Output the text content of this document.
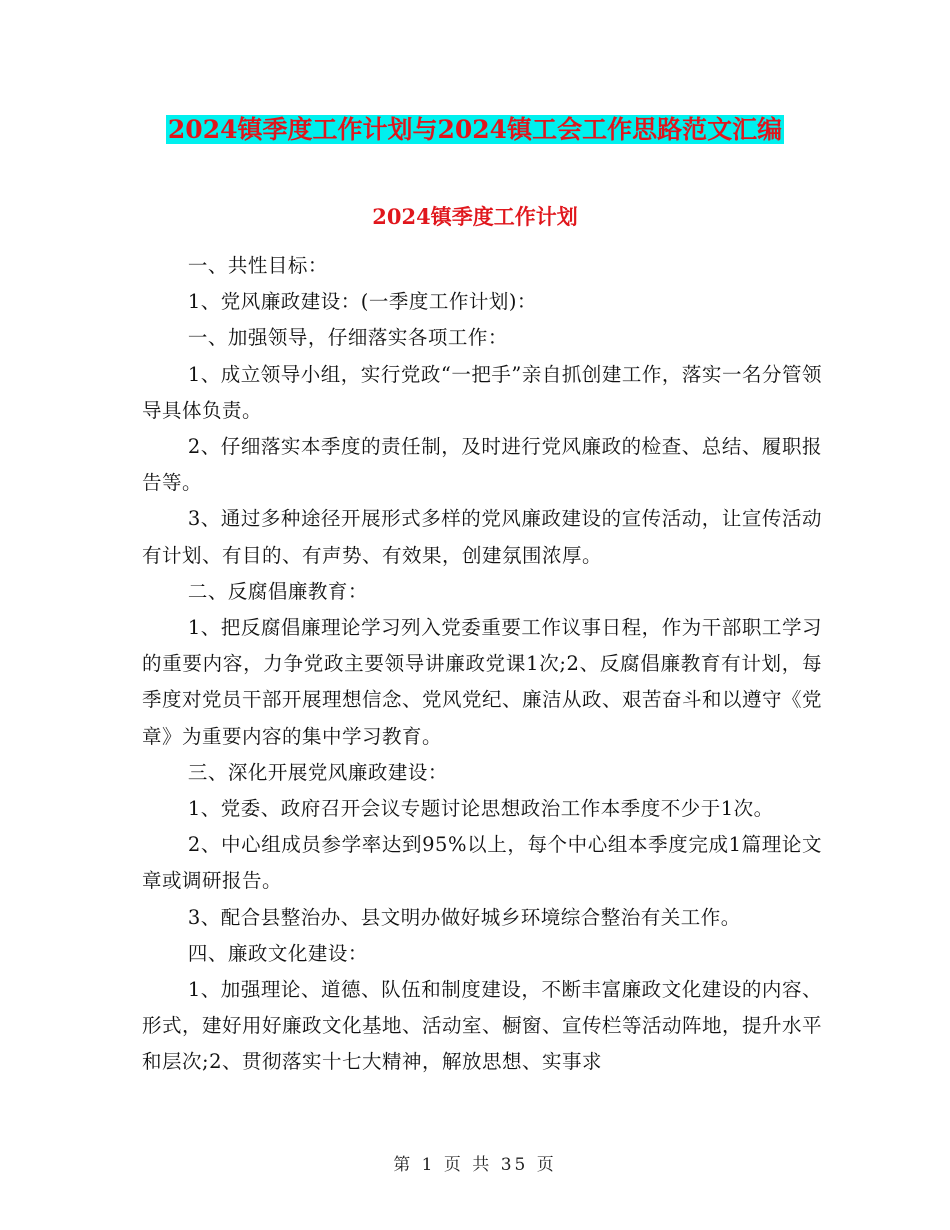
2024镇季度工作计划与2024镇工会工作思路范文汇编
2024镇季度工作计划

一、共性目标：

1、党风廉政建设：(一季度工作计划)：

一、加强领导，仔细落实各项工作：

1、成立领导小组，实行党政“一把手”亲自抓创建工作，落实一名分管领导具体负责。

2、仔细落实本季度的责任制，及时进行党风廉政的检查、总结、履职报告等。

3、通过多种途径开展形式多样的党风廉政建设的宣传活动，让宣传活动有计划、有目的、有声势、有效果，创建氛围浓厚。

二、反腐倡廉教育：

1、把反腐倡廉理论学习列入党委重要工作议事日程，作为干部职工学习的重要内容，力争党政主要领导讲廉政党课1次;2、反腐倡廉教育有计划，每季度对党员干部开展理想信念、党风党纪、廉洁从政、艰苦奋斗和以遵守《党章》为重要内容的集中学习教育。

三、深化开展党风廉政建设：

1、党委、政府召开会议专题讨论思想政治工作本季度不少于1次。

2、中心组成员参学率达到95%以上，每个中心组本季度完成1篇理论文章或调研报告。

3、配合县整治办、县文明办做好城乡环境综合整治有关工作。

四、廉政文化建设：

1、加强理论、道德、队伍和制度建设，不断丰富廉政文化建设的内容、形式，建好用好廉政文化基地、活动室、橱窗、宣传栏等活动阵地，提升水平和层次;2、贯彻落实十七大精神，解放思想、实事求

第 1 页 共 35 页
